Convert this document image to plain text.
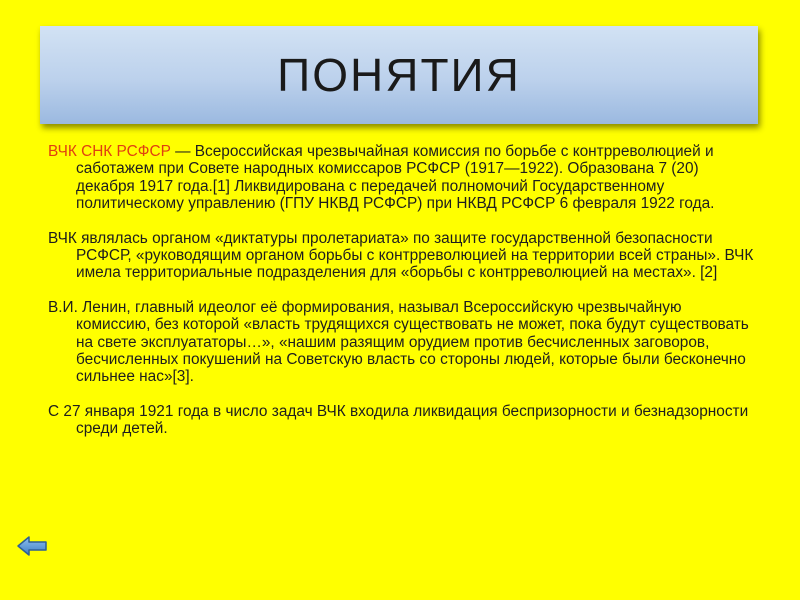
ПОНЯТИЯ

ВЧК СНК РСФСР — Всероссийская чрезвычайная комиссия по борьбе с контрреволюцией и саботажем при Совете народных комиссаров РСФСР (1917—1922). Образована 7 (20) декабря 1917 года.[1] Ликвидирована с передачей полномочий Государственному политическому управлению (ГПУ НКВД РСФСР) при НКВД РСФСР 6 февраля 1922 года.

ВЧК являлась органом «диктатуры пролетариата» по защите государственной безопасности РСФСР, «руководящим органом борьбы с контрреволюцией на территории всей страны». ВЧК имела территориальные подразделения для «борьбы с контрреволюцией на местах». [2]

В.И. Ленин, главный идеолог её формирования, называл Всероссийскую чрезвычайную комиссию, без которой «власть трудящихся существовать не может, пока будут существовать на свете эксплуататоры…», «нашим разящим орудием против бесчисленных заговоров, бесчисленных покушений на Советскую власть со стороны людей, которые были бесконечно сильнее нас»[3].

С 27 января 1921 года в число задач ВЧК входила ликвидация беспризорности и безнадзорности среди детей.
